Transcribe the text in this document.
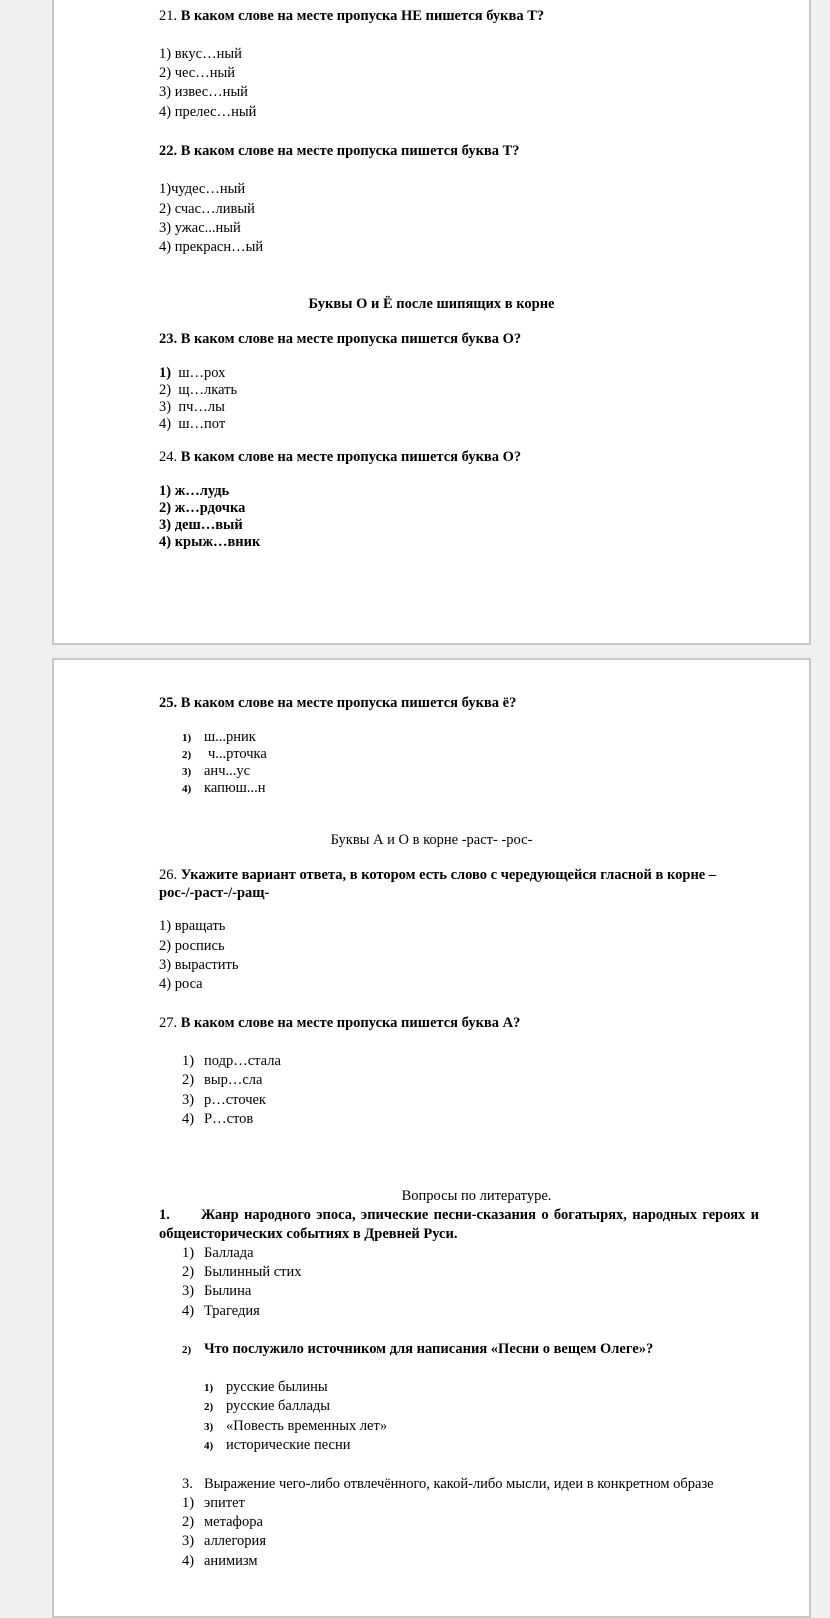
21. В каком слове на месте пропуска НЕ пишется буква Т?
1) вкус…ный
2) чес…ный
3) извес…ный
4) прелес…ный
22. В каком слове на месте пропуска пишется буква Т?
1)чудес…ный
2) счас…ливый
3) ужас...ный
4) прекрасн…ый
Буквы О и Ё после шипящих в корне
23. В каком слове на месте пропуска пишется буква О?
1) ш…рох
2) щ…лкать
3) пч…лы
4) ш…пот
24. В каком слове на месте пропуска пишется буква О?
1) ж…лудь
2) ж…рдочка
3) деш…вый
4) крыж…вник
25. В каком слове на месте пропуска пишется буква ё?
1) ш...рник
2) ч...рточка
3) анч...ус
4) капюш...н
Буквы А и О в корне -раст- -рос-
26. Укажите вариант ответа, в котором есть слово с чередующейся гласной в корне –
рос-/-раст-/-ращ-
1) вращать
2) роспись
3) вырастить
4) роса
27. В каком слове на месте пропуска пишется буква А?
1) подр…стала
2) выр…сла
3) р…сточек
4) Р…стов
Вопросы по литературе.
1. Жанр народного эпоса, эпические песни-сказания о богатырях, народных героях и общеисторических событиях в Древней Руси.
1) Баллада
2) Былинный стих
3) Былина
4) Трагедия
2) Что послужило источником для написания «Песни о вещем Олеге»?
1) русские былины
2) русские баллады
3) «Повесть временных лет»
4) исторические песни
3. Выражение чего-либо отвлечённого, какой-либо мысли, идеи в конкретном образе
1) эпитет
2) метафора
3) аллегория
4) анимизм
